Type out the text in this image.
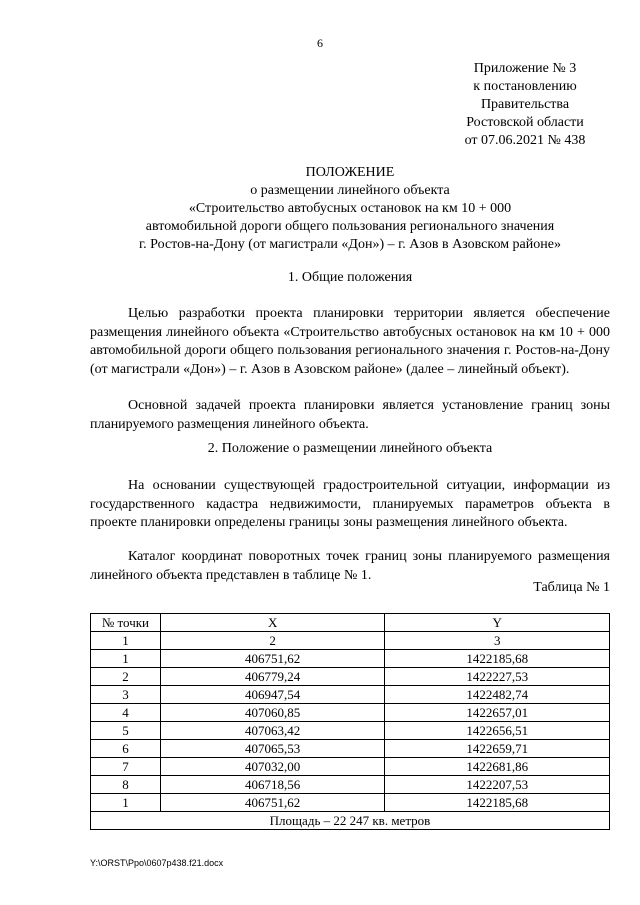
6
Приложение № 3
к постановлению
Правительства
Ростовской области
от 07.06.2021 № 438
ПОЛОЖЕНИЕ
о размещении линейного объекта
«Строительство автобусных остановок на км 10 + 000
автомобильной дороги общего пользования регионального значения
г. Ростов-на-Дону (от магистрали «Дон») – г. Азов в Азовском районе»
1. Общие положения

Целью разработки проекта планировки территории является обеспечение размещения линейного объекта «Строительство автобусных остановок на км 10 + 000 автомобильной дороги общего пользования регионального значения г. Ростов-на-Дону (от магистрали «Дон») – г. Азов в Азовском районе» (далее – линейный объект).

Основной задачей проекта планировки является установление границ зоны планируемого размещения линейного объекта.

2. Положение о размещении линейного объекта

На основании существующей градостроительной ситуации, информации из государственного кадастра недвижимости, планируемых параметров объекта в проекте планировки определены границы зоны размещения линейного объекта.

Каталог координат поворотных точек границ зоны планируемого размещения линейного объекта представлен в таблице № 1.

Таблица № 1
№ точки	X	Y
1	2	3
1	406751,62	1422185,68
2	406779,24	1422227,53
3	406947,54	1422482,74
4	407060,85	1422657,01
5	407063,42	1422656,51
6	407065,53	1422659,71
7	407032,00	1422681,86
8	406718,56	1422207,53
1	406751,62	1422185,68
Площадь – 22 247 кв. метров		
Y:\ORST\Ppo\0607p438.f21.docx
